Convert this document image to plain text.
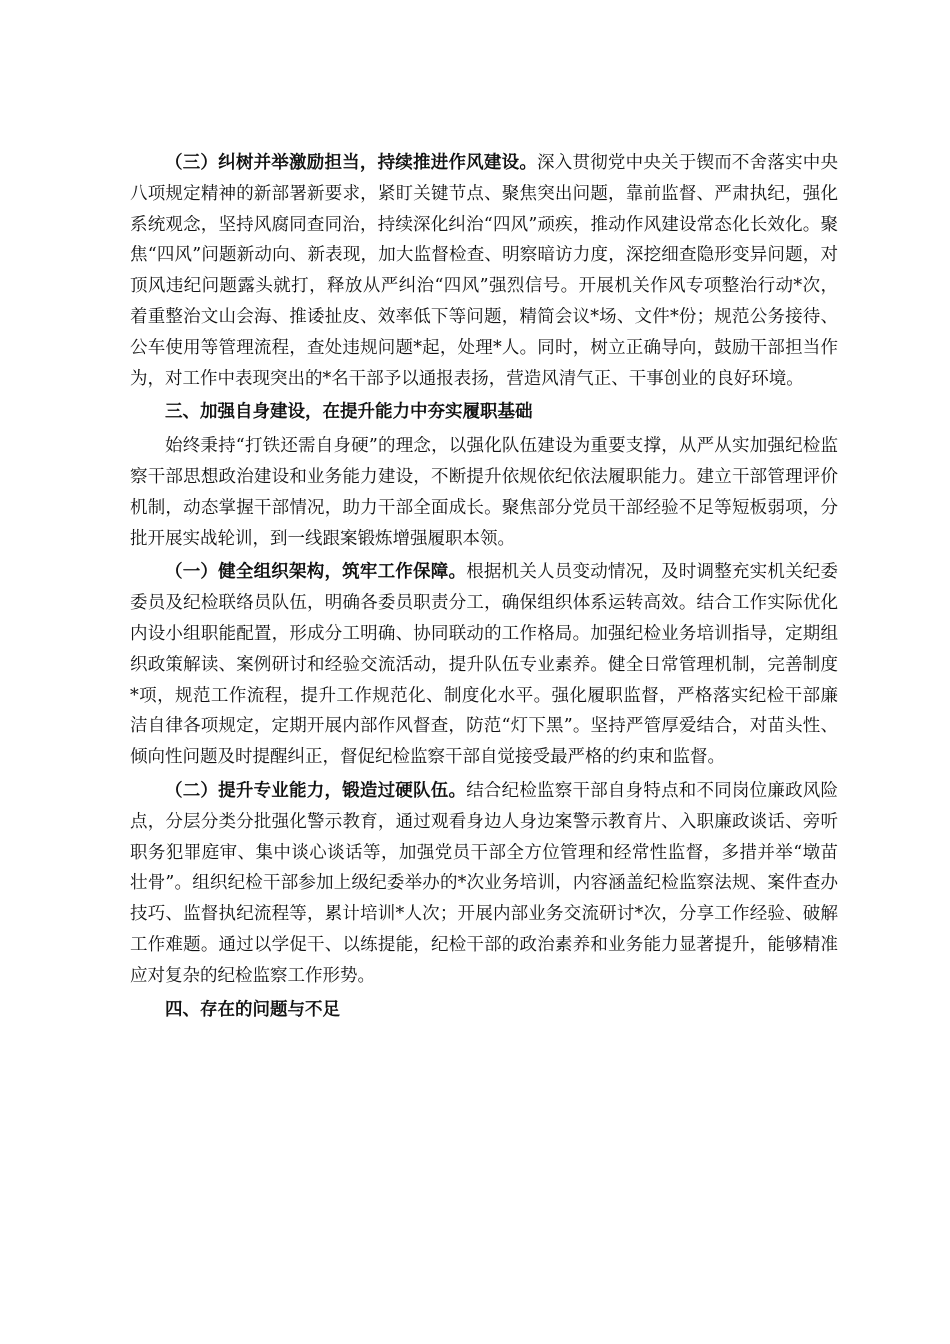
（三）纠树并举激励担当，持续推进作风建设。深入贯彻党中央关于锲而不舍落实中央八项规定精神的新部署新要求，紧盯关键节点、聚焦突出问题，靠前监督、严肃执纪，强化系统观念，坚持风腐同查同治，持续深化纠治“四风”顽疾，推动作风建设常态化长效化。聚焦“四风”问题新动向、新表现，加大监督检查、明察暗访力度，深挖细查隐形变异问题，对顶风违纪问题露头就打，释放从严纠治“四风”强烈信号。开展机关作风专项整治行动*次，着重整治文山会海、推诿扯皮、效率低下等问题，精简会议*场、文件*份；规范公务接待、公车使用等管理流程，查处违规问题*起，处理*人。同时，树立正确导向，鼓励干部担当作为，对工作中表现突出的*名干部予以通报表扬，营造风清气正、干事创业的良好环境。

三、加强自身建设，在提升能力中夯实履职基础

始终秉持“打铁还需自身硬”的理念，以强化队伍建设为重要支撑，从严从实加强纪检监察干部思想政治建设和业务能力建设，不断提升依规依纪依法履职能力。建立干部管理评价机制，动态掌握干部情况，助力干部全面成长。聚焦部分党员干部经验不足等短板弱项，分批开展实战轮训，到一线跟案锻炼增强履职本领。

（一）健全组织架构，筑牢工作保障。根据机关人员变动情况，及时调整充实机关纪委委员及纪检联络员队伍，明确各委员职责分工，确保组织体系运转高效。结合工作实际优化内设小组职能配置，形成分工明确、协同联动的工作格局。加强纪检业务培训指导，定期组织政策解读、案例研讨和经验交流活动，提升队伍专业素养。健全日常管理机制，完善制度*项，规范工作流程，提升工作规范化、制度化水平。强化履职监督，严格落实纪检干部廉洁自律各项规定，定期开展内部作风督查，防范“灯下黑”。坚持严管厚爱结合，对苗头性、倾向性问题及时提醒纠正，督促纪检监察干部自觉接受最严格的约束和监督。

（二）提升专业能力，锻造过硬队伍。结合纪检监察干部自身特点和不同岗位廉政风险点，分层分类分批强化警示教育，通过观看身边人身边案警示教育片、入职廉政谈话、旁听职务犯罪庭审、集中谈心谈话等，加强党员干部全方位管理和经常性监督，多措并举“墩苗壮骨”。组织纪检干部参加上级纪委举办的*次业务培训，内容涵盖纪检监察法规、案件查办技巧、监督执纪流程等，累计培训*人次；开展内部业务交流研讨*次，分享工作经验、破解工作难题。通过以学促干、以练提能，纪检干部的政治素养和业务能力显著提升，能够精准应对复杂的纪检监察工作形势。

四、存在的问题与不足
